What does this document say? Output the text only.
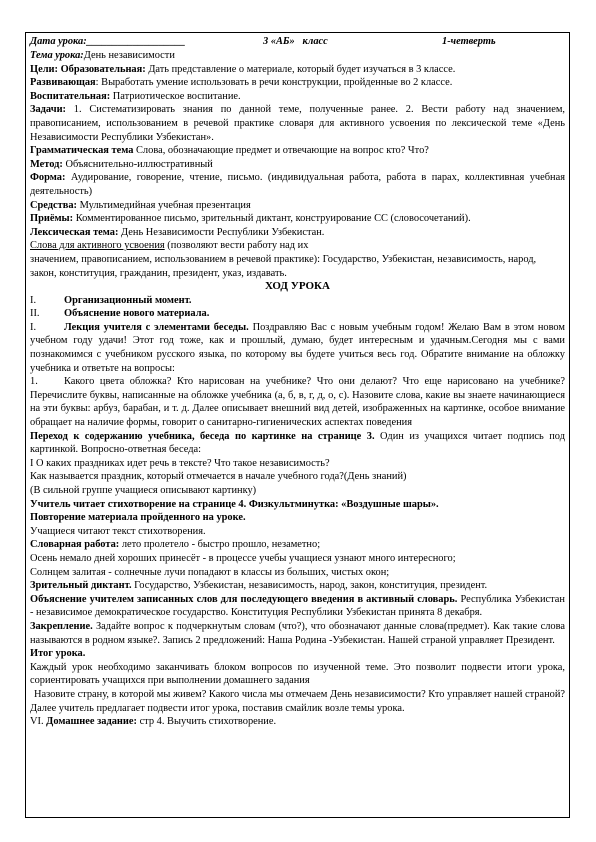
Дата урока:___________________	3 «АБ» класс	1-четверть

Тема урока:День независимости

Цели: Образовательная: Дать представление о материале, который будет изучаться в 3 классе.

Развивающая: Выработать умение использовать в речи конструкции, пройденные во 2 классе.

Воспитательная: Патриотическое воспитание.

Задачи: 1. Систематизировать знания по данной теме, полученные ранее. 2. Вести работу над значением, правописанием, использованием в речевой практике словаря для активного усвоения по лексической теме «День Независимости Республики Узбекистан».

Грамматическая тема Слова, обозначающие предмет и отвечающие на вопрос кто? Что?

Метод: Объяснительно-иллюстративный

Форма: Аудирование, говорение, чтение, письмо. (индивидуальная работа, работа в парах, коллективная учебная деятельность)

Средства: Мультимедийная учебная презентация

Приёмы: Комментированное письмо, зрительный диктант, конструирование СС (словосочетаний).

Лексическая тема: День Независимости Республики Узбекистан.

Слова для активного усвоения (позволяют вести работу над их

значением, правописанием, использованием в речевой практике): Государство, Узбекистан, независимость, народ, закон, конституция, гражданин, президент, указ, издавать.

ХОД УРОКА

I.	Организационный момент.

II. Объяснение нового материала.

I.	Лекция учителя с элементами беседы. Поздравляю Вас с новым учебным годом! Желаю Вам в этом новом учебном году удачи! Этот год тоже, как и прошлый, думаю, будет интересным и удачным.Сегодня мы с вами познакомимся с учебником русского языка, по которому вы будете учиться весь год. Обратите внимание на обложку учебника и ответьте на вопросы:

1.	Какого цвета обложка? Кто нарисован на учебнике? Что они делают? Что еще нарисовано на учебнике? Перечислите буквы, написанные на обложке учебника (а, б, в, г, д, о, с). Назовите слова, какие вы знаете начинающиеся на эти буквы: арбуз, барабан, и т. д. Далее описывает внешний вид детей, изображенных на картинке, особое внимание обращает на наличие формы, говорит о санитарно-гигиенических аспектах поведения

Переход к содержанию учебника, беседа по картинке на странице 3. Один из учащихся читает подпись под картинкой. Вопросно-ответная беседа:

I О каких праздниках идет речь в тексте? Что такое независимость?

Как называется праздник, который отмечается в начале учебного года?(День знаний)

(В сильной группе учащиеся описывают картинку)

Учитель читает стихотворение на странице 4. Физкультминутка: «Воздушные шары».

Повторение материала пройденного на уроке.

Учащиеся читают текст стихотворения.

Словарная работа: лето пролетело - быстро прошло, незаметно;

Осень немало дней хороших принесёт - в процессе учебы учащиеся узнают много интересного;

Солнцем залитая - солнечные лучи попадают в классы из больших, чистых окон;

Зрительный диктант. Государство, Узбекистан, независимость, народ, закон, конституция, президент.

Объяснение учителем записанных слов для последующего введения в активный словарь. Республика Узбекистан - независимое демократическое государство. Конституция Республики Узбекистан принята 8 декабря.

Закрепление. Задайте вопрос к подчеркнутым словам (что?), что обозначают данные слова(предмет). Как такие слова называются в родном языке?. Запись 2 предложений: Наша Родина -Узбекистан. Нашей страной управляет Президент.

Итог урока.

Каждый урок необходимо заканчивать блоком вопросов по изученной теме. Это позволит подвести итоги урока, сориентировать учащихся при выполнении домашнего задания

Назовите страну, в которой мы живем? Какого числа мы отмечаем День независимости? Кто управляет нашей страной?

Далее учитель предлагает подвести итог урока, поставив смайлик возле темы урока.

VI. Домашнее задание: стр 4. Выучить стихотворение.
